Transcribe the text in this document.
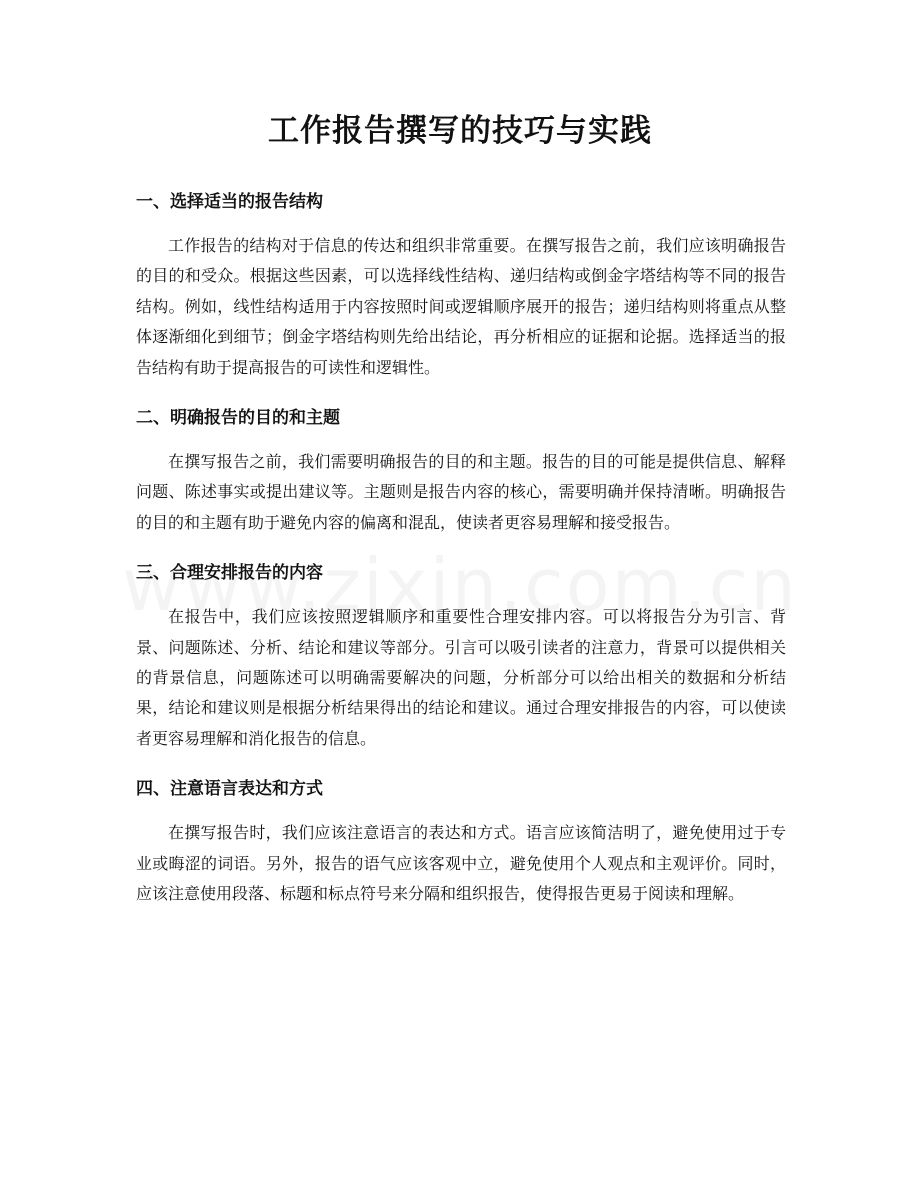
工作报告撰写的技巧与实践
一、选择适当的报告结构

工作报告的结构对于信息的传达和组织非常重要。在撰写报告之前，我们应该明确报告的目的和受众。根据这些因素，可以选择线性结构、递归结构或倒金字塔结构等不同的报告结构。例如，线性结构适用于内容按照时间或逻辑顺序展开的报告；递归结构则将重点从整体逐渐细化到细节；倒金字塔结构则先给出结论，再分析相应的证据和论据。选择适当的报告结构有助于提高报告的可读性和逻辑性。

二、明确报告的目的和主题

在撰写报告之前，我们需要明确报告的目的和主题。报告的目的可能是提供信息、解释问题、陈述事实或提出建议等。主题则是报告内容的核心，需要明确并保持清晰。明确报告的目的和主题有助于避免内容的偏离和混乱，使读者更容易理解和接受报告。

三、合理安排报告的内容

在报告中，我们应该按照逻辑顺序和重要性合理安排内容。可以将报告分为引言、背景、问题陈述、分析、结论和建议等部分。引言可以吸引读者的注意力，背景可以提供相关的背景信息，问题陈述可以明确需要解决的问题，分析部分可以给出相关的数据和分析结果，结论和建议则是根据分析结果得出的结论和建议。通过合理安排报告的内容，可以使读者更容易理解和消化报告的信息。

四、注意语言表达和方式

在撰写报告时，我们应该注意语言的表达和方式。语言应该简洁明了，避免使用过于专业或晦涩的词语。另外，报告的语气应该客观中立，避免使用个人观点和主观评价。同时，应该注意使用段落、标题和标点符号来分隔和组织报告，使得报告更易于阅读和理解。
